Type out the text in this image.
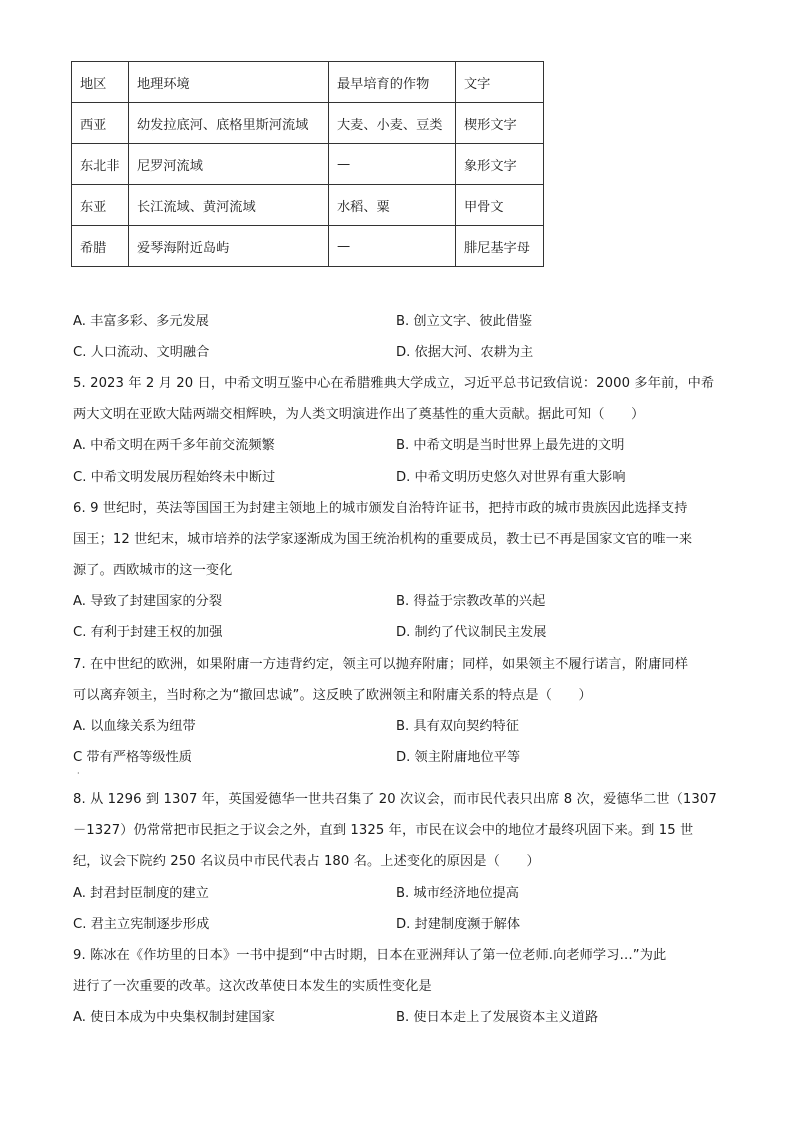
地区	地理环境	最早培育的作物	文字
西亚	幼发拉底河、底格里斯河流域	大麦、小麦、豆类	楔形文字
东北非	尼罗河流域	—	象形文字
东亚	长江流域、黄河流域	水稻、粟	甲骨文
希腊	爱琴海附近岛屿	—	腓尼基字母
A. 丰富多彩、多元发展	B. 创立文字、彼此借鉴
C. 人口流动、文明融合	D. 依据大河、农耕为主
5. 2023 年 2 月 20 日，中希文明互鉴中心在希腊雅典大学成立，习近平总书记致信说：2000 多年前，中希
两大文明在亚欧大陆两端交相辉映，为人类文明演进作出了奠基性的重大贡献。据此可知（　　）
A. 中希文明在两千多年前交流频繁	B. 中希文明是当时世界上最先进的文明
C. 中希文明发展历程始终未中断过	D. 中希文明历史悠久对世界有重大影响
6. 9 世纪时，英法等国国王为封建主领地上的城市颁发自治特许证书，把持市政的城市贵族因此选择支持
国王；12 世纪末，城市培养的法学家逐渐成为国王统治机构的重要成员，教士已不再是国家文官的唯一来
源了。西欧城市的这一变化
A. 导致了封建国家的分裂	B. 得益于宗教改革的兴起
C. 有利于封建王权的加强	D. 制约了代议制民主发展
7. 在中世纪的欧洲，如果附庸一方违背约定，领主可以抛弃附庸；同样，如果领主不履行诺言，附庸同样
可以离弃领主，当时称之为“撤回忠诚”。这反映了欧洲领主和附庸关系的特点是（　　）
A. 以血缘关系为纽带	B. 具有双向契约特征
C 带有严格等级性质	D. 领主附庸地位平等
·
8. 从 1296 到 1307 年，英国爱德华一世共召集了 20 次议会，而市民代表只出席 8 次，爱德华二世（1307
－1327）仍常常把市民拒之于议会之外，直到 1325 年，市民在议会中的地位才最终巩固下来。到 15 世
纪，议会下院约 250 名议员中市民代表占 180 名。上述变化的原因是（　　）
A. 封君封臣制度的建立	B. 城市经济地位提高
C. 君主立宪制逐步形成	D. 封建制度濒于解体
9. 陈冰在《作坊里的日本》一书中提到“中古时期，日本在亚洲拜认了第一位老师.向老师学习…”为此
进行了一次重要的改革。这次改革使日本发生的实质性变化是
A. 使日本成为中央集权制封建国家	B. 使日本走上了发展资本主义道路
